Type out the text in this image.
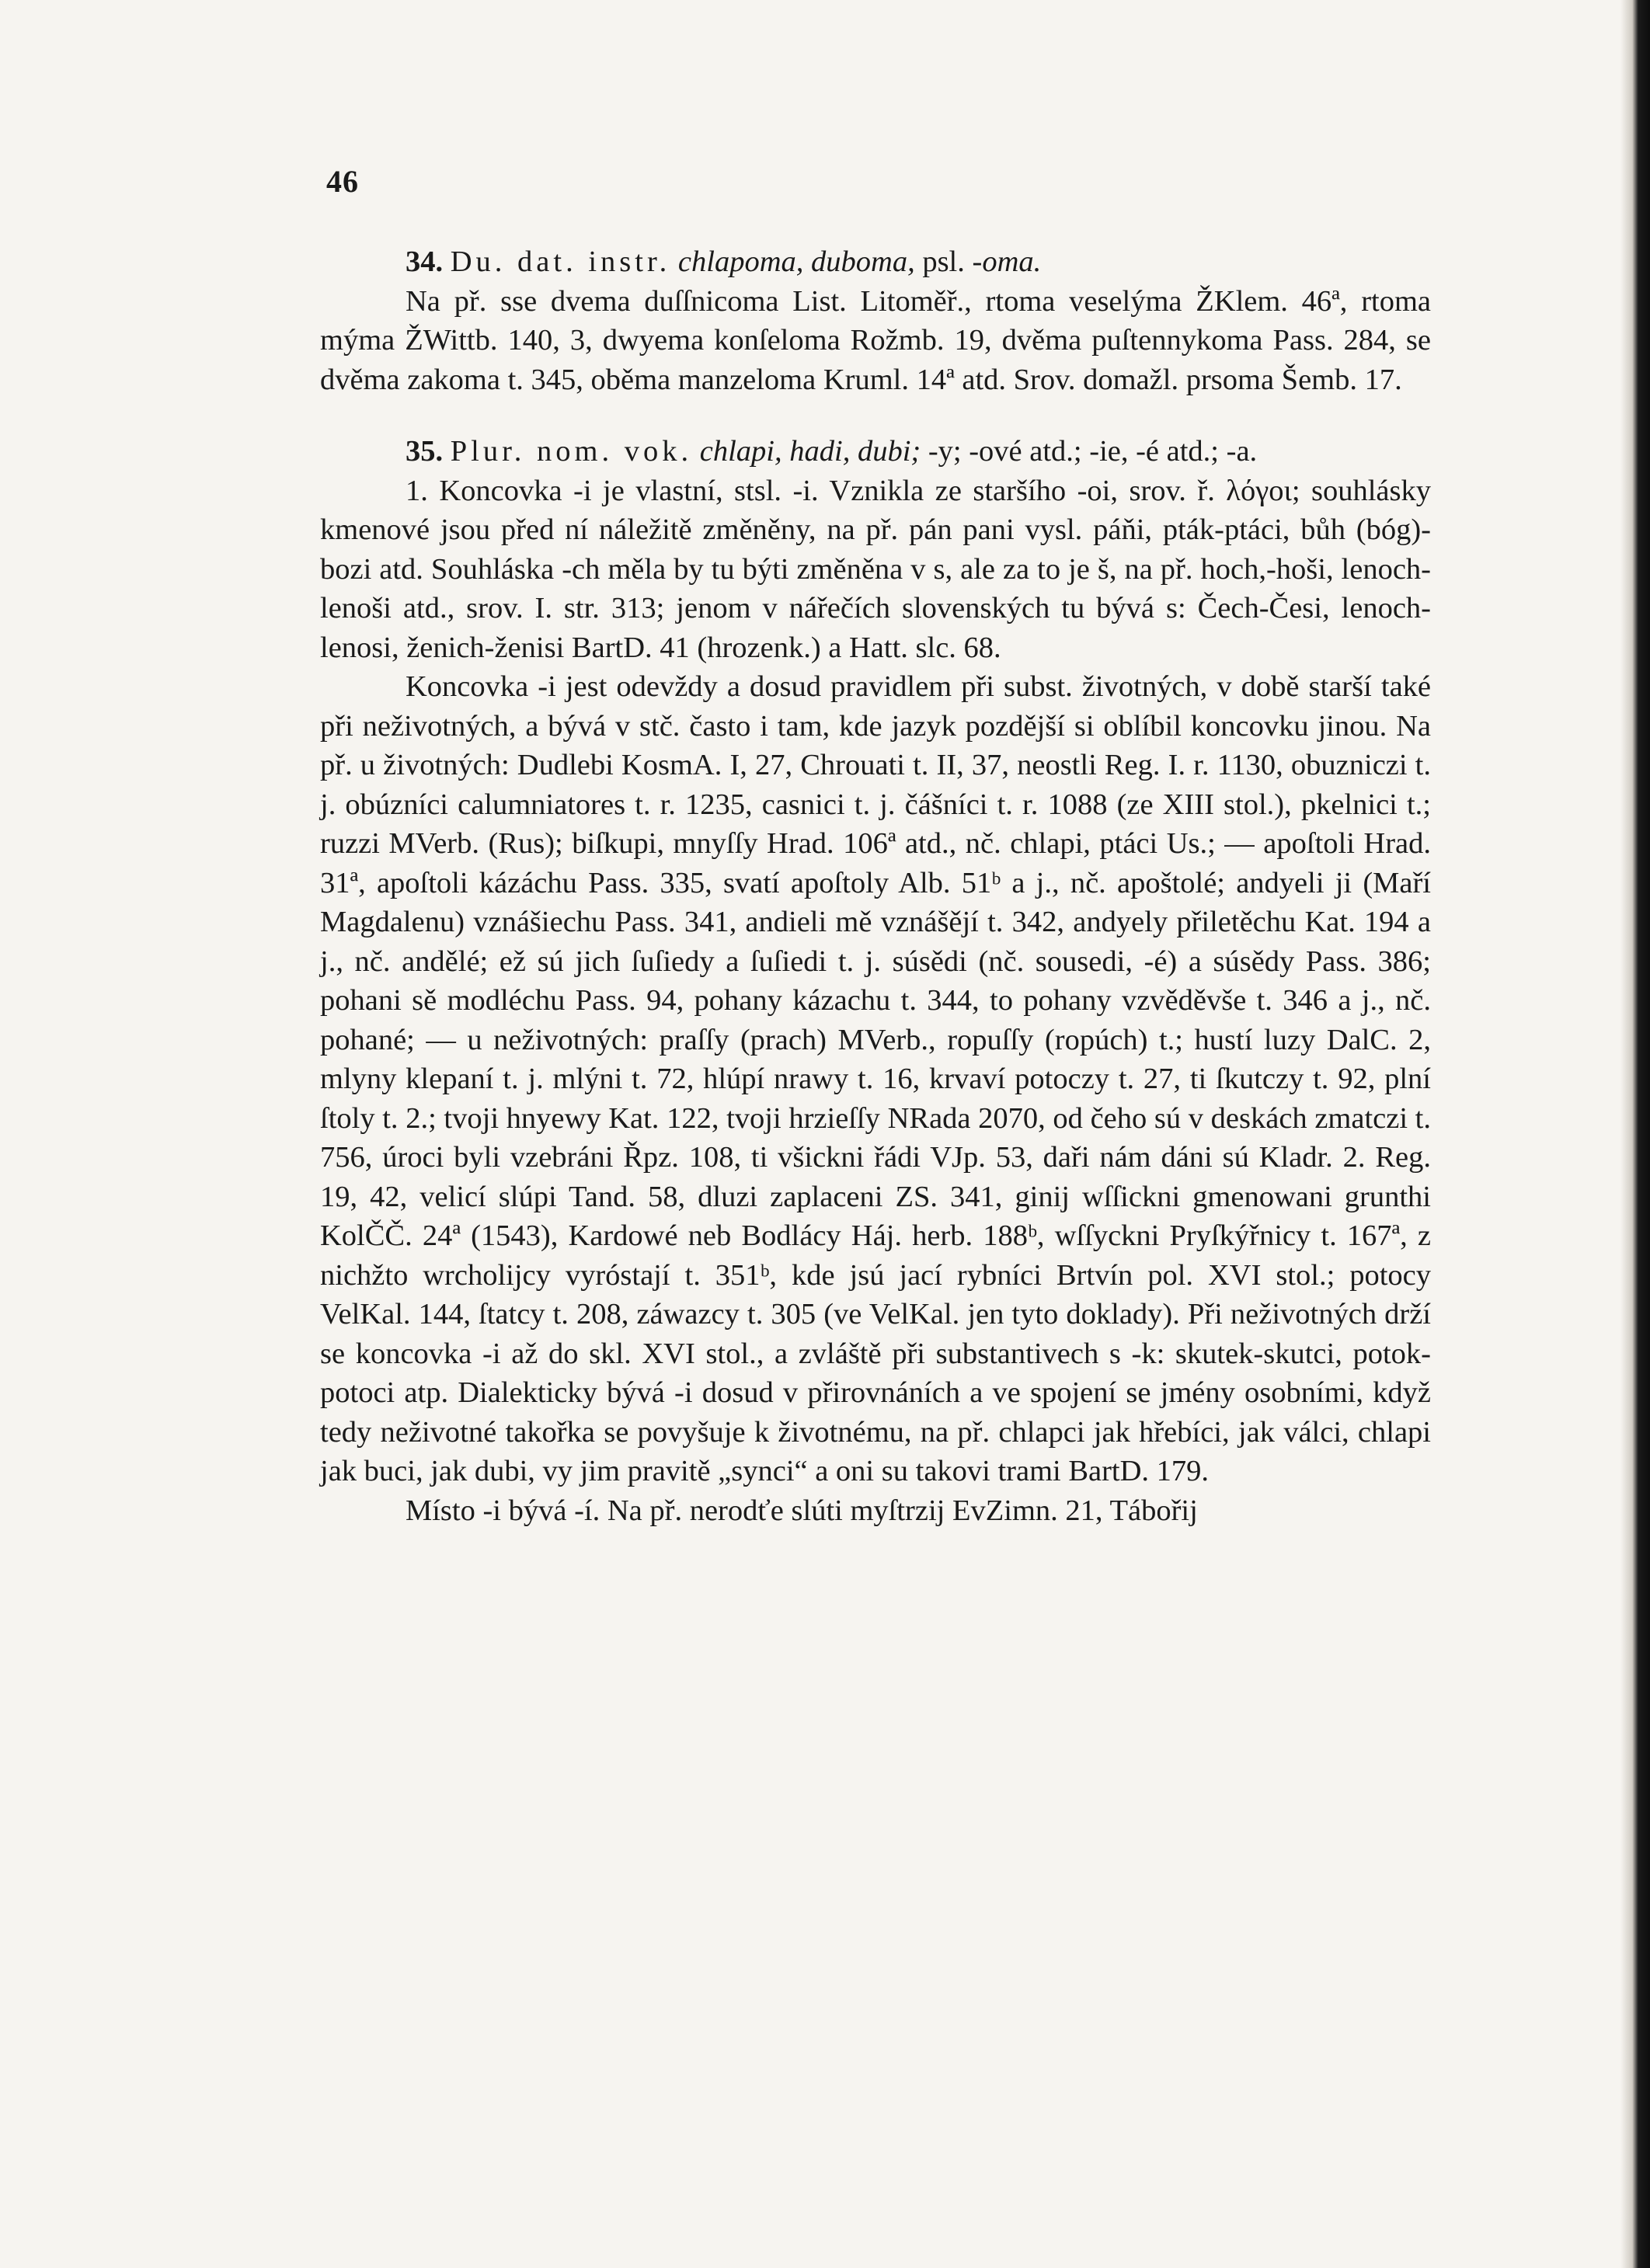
46

34. Du. dat. instr. chlapoma, duboma, psl. -oma.

Na př. sse dvema duſſnicoma List. Litoměř., rtoma veselýma ŽKlem. 46ª, rtoma mýma ŽWittb. 140, 3, dwyema konſeloma Rožmb. 19, dvěma puſtennykoma Pass. 284, se dvěma zakoma t. 345, oběma manzeloma Kruml. 14ª atd. Srov. domažl. prsoma Šemb. 17.

35. Plur. nom. vok. chlapi, hadi, dubi; -y; -ové atd.; -ie, -é atd.; -a.

1. Koncovka -i je vlastní, stsl. -i. Vznikla ze staršího -oi, srov. ř. λόγοι; souhlásky kmenové jsou před ní náležitě změněny, na př. pán pani vysl. páňi, pták-ptáci, bůh (bóg)-bozi atd. Souhláska -ch měla by tu býti změněna v s, ale za to je š, na př. hoch,-hoši, lenoch-lenoši atd., srov. I. str. 313; jenom v nářečích slovenských tu bývá s: Čech-Česi, lenoch-lenosi, ženich-ženisi BartD. 41 (hrozenk.) a Hatt. slc. 68.

Koncovka -i jest odevždy a dosud pravidlem při subst. životných, v době starší také při neživotných, a bývá v stč. často i tam, kde jazyk pozdější si oblíbil koncovku jinou. Na př. u životných: Dudlebi KosmA. I, 27, Chrouati t. II, 37, neostli Reg. I. r. 1130, obuzniczi t. j. obúzníci calumniatores t. r. 1235, casnici t. j. čášníci t. r. 1088 (ze XIII stol.), pkelnici t.; ruzzi MVerb. (Rus); biſkupi, mnyſſy Hrad. 106ª atd., nč. chlapi, ptáci Us.; — apoſtoli Hrad. 31ª, apoſtoli kázáchu Pass. 335, svatí apoſtoly Alb. 51ᵇ a j., nč. apoštolé; andyeli ji (Maří Magdalenu) vznášiechu Pass. 341, andieli mě vznášějí t. 342, andyely přiletěchu Kat. 194 a j., nč. andělé; ež sú jich ſuſiedy a ſuſiedi t. j. súsědi (nč. sousedi, -é) a súsědy Pass. 386; pohani sě modléchu Pass. 94, pohany kázachu t. 344, to pohany vzvěděvše t. 346 a j., nč. pohané; — u neživotných: praſſy (prach) MVerb., ropuſſy (ropúch) t.; hustí luzy DalC. 2, mlyny klepaní t. j. mlýni t. 72, hlúpí nrawy t. 16, krvaví potoczy t. 27, ti ſkutczy t. 92, plní ſtoly t. 2.; tvoji hnyewy Kat. 122, tvoji hrzieſſy NRada 2070, od čeho sú v deskách zmatczi t. 756, úroci byli vzebráni Řpz. 108, ti všickni řádi VJp. 53, daři nám dáni sú Kladr. 2. Reg. 19, 42, velicí slúpi Tand. 58, dluzi zaplaceni ZS. 341, ginij wſſickni gmenowani grunthi KolČČ. 24ª (1543), Kardowé neb Bodlácy Háj. herb. 188ᵇ, wſſyckni Pryſkýřnicy t. 167ª, z nichžto wrcholijcy vyróstají t. 351ᵇ, kde jsú jací rybníci Brtvín pol. XVI stol.; potocy VelKal. 144, ſtatcy t. 208, záwazcy t. 305 (ve VelKal. jen tyto doklady). Při neživotných drží se koncovka -i až do skl. XVI stol., a zvláště při substantivech s -k: skutek-skutci, potok-potoci atp. Dialekticky bývá -i dosud v přirovnáních a ve spojení se jmény osobními, když tedy neživotné takořka se povyšuje k životnému, na př. chlapci jak hřebíci, jak válci, chlapi jak buci, jak dubi, vy jim pravitě „synci“ a oni su takovi trami BartD. 179.

Místo -i bývá -í. Na př. nerodťe slúti myſtrzij EvZimn. 21, Tábořij
